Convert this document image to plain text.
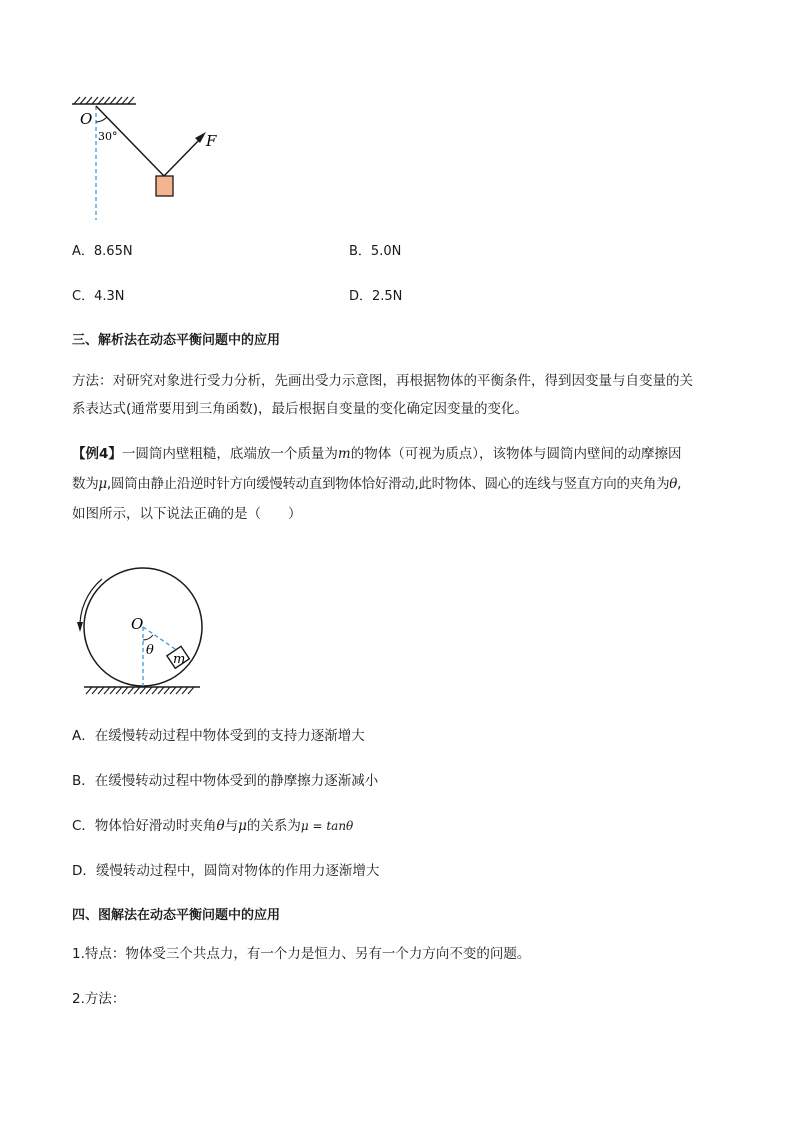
O
30°	F
A．8.65N	B．5.0N
C．4.3N	D．2.5N
三、解析法在动态平衡问题中的应用
方法：对研究对象进行受力分析，先画出受力示意图，再根据物体的平衡条件，得到因变量与自变量的关
系表达式(通常要用到三角函数)，最后根据自变量的变化确定因变量的变化。
【例4】一圆筒内壁粗糙，底端放一个质量为m的物体（可视为质点），该物体与圆筒内壁间的动摩擦因
数为μ,圆筒由静止沿逆时针方向缓慢转动直到物体恰好滑动,此时物体、圆心的连线与竖直方向的夹角为θ,
如图所示，以下说法正确的是（　　）
O
θ
m
A．在缓慢转动过程中物体受到的支持力逐渐增大
B．在缓慢转动过程中物体受到的静摩擦力逐渐减小
C．物体恰好滑动时夹角θ与μ的关系为μ = tanθ
D．缓慢转动过程中，圆筒对物体的作用力逐渐增大
四、图解法在动态平衡问题中的应用
1.特点：物体受三个共点力，有一个力是恒力、另有一个力方向不变的问题。
2.方法：
